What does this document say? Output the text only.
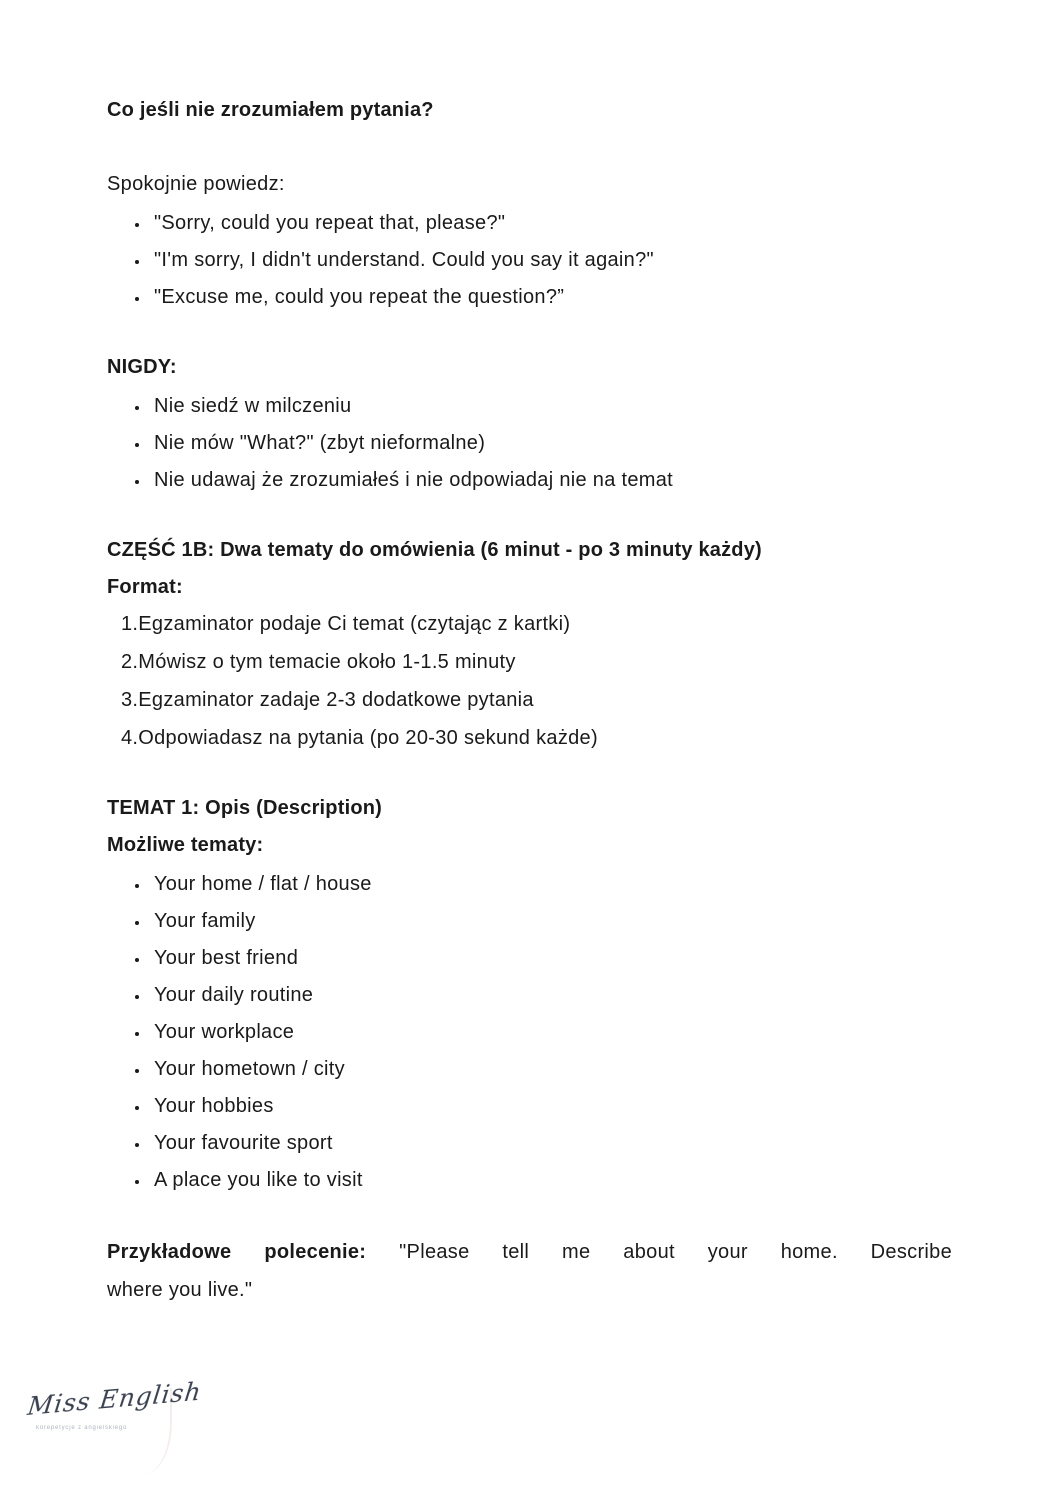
Co jeśli nie zrozumiałem pytania?

Spokojnie powiedz:

• "Sorry, could you repeat that, please?"
• "I'm sorry, I didn't understand. Could you say it again?"
• "Excuse me, could you repeat the question?”
NIGDY:
• Nie siedź w milczeniu
• Nie mów "What?" (zbyt nieformalne)
• Nie udawaj że zrozumiałeś i nie odpowiadaj nie na temat
CZĘŚĆ 1B: Dwa tematy do omówienia (6 minut - po 3 minuty każdy)
Format:
1.Egzaminator podaje Ci temat (czytając z kartki)
2.Mówisz o tym temacie około 1-1.5 minuty
3.Egzaminator zadaje 2-3 dodatkowe pytania
4.Odpowiadasz na pytania (po 20-30 sekund każde)
TEMAT 1: Opis (Description)
Możliwe tematy:
• Your home / flat / house
• Your family
• Your best friend
• Your daily routine
• Your workplace
• Your hometown / city
• Your hobbies
• Your favourite sport
• A place you like to visit

Przykładowe polecenie: "Please tell me about your home. Describe
where you live."

Miss English
korepetycje z angielskiego
